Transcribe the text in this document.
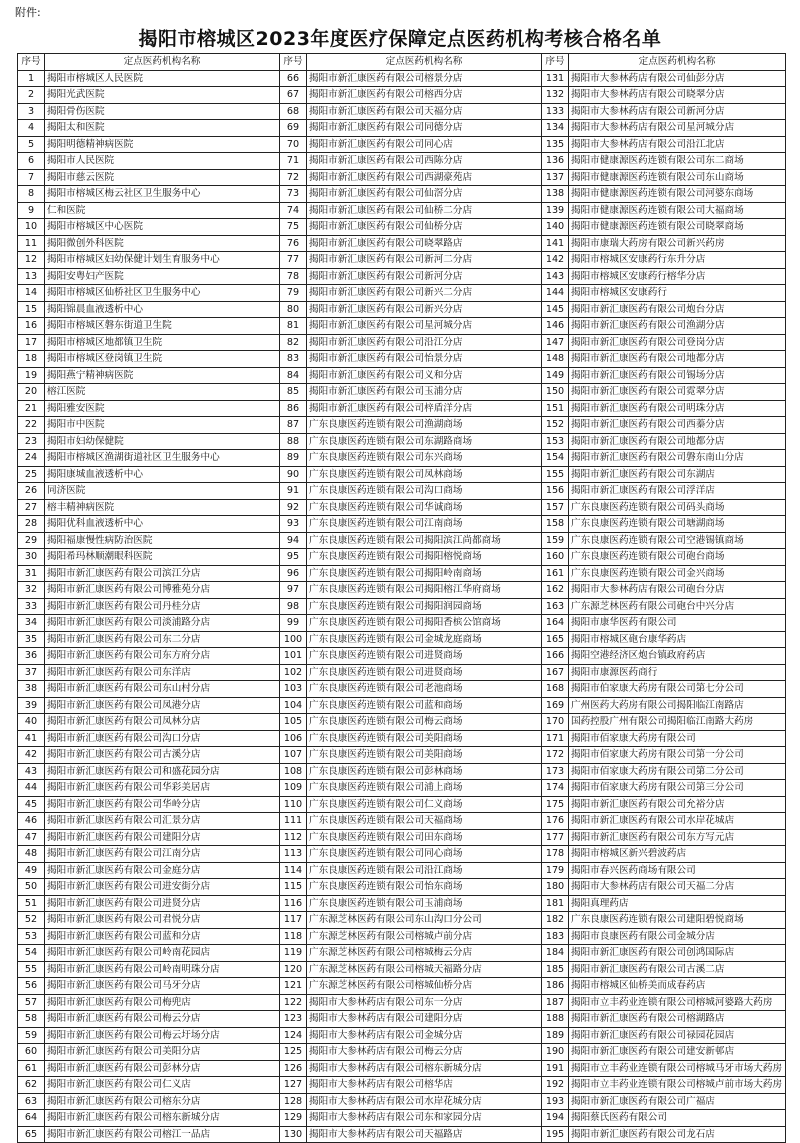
附件:
揭阳市榕城区2023年度医疗保障定点医药机构考核合格名单
序号	定点医药机构名称	序号	定点医药机构名称	序号	定点医药机构名称
1	揭阳市榕城区人民医院	66	揭阳市新汇康医药有限公司榕景分店	131	揭阳市大参林药店有限公司仙彭分店
2	揭阳光武医院	67	揭阳市新汇康医药有限公司榕西分店	132	揭阳市大参林药店有限公司晓翠分店
3	揭阳骨伤医院	68	揭阳市新汇康医药有限公司天福分店	133	揭阳市大参林药店有限公司新河分店
4	揭阳太和医院	69	揭阳市新汇康医药有限公司同德分店	134	揭阳市大参林药店有限公司星河城分店
5	揭阳明德精神病医院	70	揭阳市新汇康医药有限公司同心店	135	揭阳市大参林药店有限公司沿江北店
6	揭阳市人民医院	71	揭阳市新汇康医药有限公司西陈分店	136	揭阳市健康源医药连锁有限公司东二商场
7	揭阳市慈云医院	72	揭阳市新汇康医药有限公司西湖豪苑店	137	揭阳市健康源医药连锁有限公司东山商场
8	揭阳市榕城区梅云社区卫生服务中心	73	揭阳市新汇康医药有限公司仙滘分店	138	揭阳市健康源医药连锁有限公司河婆东商场
9	仁和医院	74	揭阳市新汇康医药有限公司仙桥二分店	139	揭阳市健康源医药连锁有限公司大福商场
10	揭阳市榕城区中心医院	75	揭阳市新汇康医药有限公司仙桥分店	140	揭阳市健康源医药连锁有限公司晓翠商场
11	揭阳微创外科医院	76	揭阳市新汇康医药有限公司晓翠路店	141	揭阳市康瑞大药房有限公司新兴药房
12	揭阳市榕城区妇幼保健计划生育服务中心	77	揭阳市新汇康医药有限公司新河二分店	142	揭阳市榕城区安康药行东升分店
13	揭阳安粤妇产医院	78	揭阳市新汇康医药有限公司新河分店	143	揭阳市榕城区安康药行榕华分店
14	揭阳市榕城区仙桥社区卫生服务中心	79	揭阳市新汇康医药有限公司新兴二分店	144	揭阳市榕城区安康药行
15	揭阳锦晨血液透析中心	80	揭阳市新汇康医药有限公司新兴分店	145	揭阳市新汇康医药有限公司炮台分店
16	揭阳市榕城区磐东街道卫生院	81	揭阳市新汇康医药有限公司星河城分店	146	揭阳市新汇康医药有限公司渔湖分店
17	揭阳市榕城区地都镇卫生院	82	揭阳市新汇康医药有限公司沿江分店	147	揭阳市新汇康医药有限公司登岗分店
18	揭阳市榕城区登岗镇卫生院	83	揭阳市新汇康医药有限公司怡景分店	148	揭阳市新汇康医药有限公司地都分店
19	揭阳燕宁精神病医院	84	揭阳市新汇康医药有限公司义和分店	149	揭阳市新汇康医药有限公司锡场分店
20	榕江医院	85	揭阳市新汇康医药有限公司玉浦分店	150	揭阳市新汇康医药有限公司霓翠分店
21	揭阳雅安医院	86	揭阳市新汇康医药有限公司梓盾洋分店	151	揭阳市新汇康医药有限公司明珠分店
22	揭阳市中医院	87	广东良康医药连锁有限公司渔湖商场	152	揭阳市新汇康医药有限公司西蓁分店
23	揭阳市妇幼保健院	88	广东良康医药连锁有限公司东湖路商场	153	揭阳市新汇康医药有限公司地都分店
24	揭阳市榕城区渔湖街道社区卫生服务中心	89	广东良康医药连锁有限公司东兴商场	154	揭阳市新汇康医药有限公司磐东南山分店
25	揭阳康城血液透析中心	90	广东良康医药连锁有限公司凤林商场	155	揭阳市新汇康医药有限公司东湖店
26	同济医院	91	广东良康医药连锁有限公司沟口商场	156	揭阳市新汇康医药有限公司浮洋店
27	榕丰精神病医院	92	广东良康医药连锁有限公司华诚商场	157	广东良康医药连锁有限公司码头商场
28	揭阳优科血液透析中心	93	广东良康医药连锁有限公司江南商场	158	广东良康医药连锁有限公司塘湖商场
29	揭阳福康慢性病防治医院	94	广东良康医药连锁有限公司揭阳滨江尚都商场	159	广东良康医药连锁有限公司空港锡镇商场
30	揭阳希玛林顺潮眼科医院	95	广东良康医药连锁有限公司揭阳榕悦商场	160	广东良康医药连锁有限公司砲台商场
31	揭阳市新汇康医药有限公司滨江分店	96	广东良康医药连锁有限公司揭阳岭南商场	161	广东良康医药连锁有限公司金兴商场
32	揭阳市新汇康医药有限公司博雅苑分店	97	广东良康医药连锁有限公司揭阳榕江华府商场	162	揭阳市大参林药店有限公司砲台分店
33	揭阳市新汇康医药有限公司丹桂分店	98	广东良康医药连锁有限公司揭阳润园商场	163	广东源芝林医药有限公司砲台中兴分店
34	揭阳市新汇康医药有限公司淡浦路分店	99	广东良康医药连锁有限公司揭阳香槟公馆商场	164	揭阳市康华医药有限公司
35	揭阳市新汇康医药有限公司东二分店	100	广东良康医药连锁有限公司金城龙庭商场	165	揭阳市榕城区砲台康华药店
36	揭阳市新汇康医药有限公司东方府分店	101	广东良康医药连锁有限公司进贤商场	166	揭阳空港经济区炮台镇政府药店
37	揭阳市新汇康医药有限公司东洋店	102	广东良康医药连锁有限公司进贤商场	167	揭阳市康源医药商行
38	揭阳市新汇康医药有限公司东山村分店	103	广东良康医药连锁有限公司老池商场	168	揭阳市伯家康大药房有限公司第七分公司
39	揭阳市新汇康医药有限公司凤港分店	104	广东良康医药连锁有限公司蓝和商场	169	广州医药大药房有限公司揭阳临江南路店
40	揭阳市新汇康医药有限公司凤林分店	105	广东良康医药连锁有限公司梅云商场	170	国药控股广州有限公司揭阳临江南路大药房
41	揭阳市新汇康医药有限公司沟口分店	106	广东良康医药连锁有限公司美阳商场	171	揭阳市佰家康大药房有限公司
42	揭阳市新汇康医药有限公司古溪分店	107	广东良康医药连锁有限公司美阳商场	172	揭阳市佰家康大药房有限公司第一分公司
43	揭阳市新汇康医药有限公司和盛花园分店	108	广东良康医药连锁有限公司彭林商场	173	揭阳市佰家康大药房有限公司第二分公司
44	揭阳市新汇康医药有限公司华彩美居店	109	广东良康医药连锁有限公司浦上商场	174	揭阳市佰家康大药房有限公司第三分公司
45	揭阳市新汇康医药有限公司华岭分店	110	广东良康医药连锁有限公司仁义商场	175	揭阳市新汇康医药有限公司允裕分店
46	揭阳市新汇康医药有限公司汇景分店	111	广东良康医药连锁有限公司天福商场	176	揭阳市新汇康医药有限公司水岸花城店
47	揭阳市新汇康医药有限公司建阳分店	112	广东良康医药连锁有限公司田东商场	177	揭阳市新汇康医药有限公司东方写元店
48	揭阳市新汇康医药有限公司江南分店	113	广东良康医药连锁有限公司同心商场	178	揭阳市榕城区新兴碧波药店
49	揭阳市新汇康医药有限公司金庭分店	114	广东良康医药连锁有限公司沿江商场	179	揭阳市春兴医药商场有限公司
50	揭阳市新汇康医药有限公司进安街分店	115	广东良康医药连锁有限公司怡东商场	180	揭阳市大参林药店有限公司天福二分店
51	揭阳市新汇康医药有限公司进贤分店	116	广东良康医药连锁有限公司玉浦商场	181	揭阳真理药店
52	揭阳市新汇康医药有限公司君悦分店	117	广东源芝林医药有限公司东山沟口分公司	182	广东良康医药连锁有限公司建阳碧悦商场
53	揭阳市新汇康医药有限公司蓝和分店	118	广东源芝林医药有限公司榕城卢前分店	183	揭阳市良康医药有限公司金城分店
54	揭阳市新汇康医药有限公司岭南花园店	119	广东源芝林医药有限公司榕城梅云分店	184	揭阳市新汇康医药有限公司创鸿国际店
55	揭阳市新汇康医药有限公司岭南明珠分店	120	广东源芝林医药有限公司榕城天福路分店	185	揭阳市新汇康医药有限公司古溪二店
56	揭阳市新汇康医药有限公司马牙分店	121	广东源芝林医药有限公司榕城仙桥分店	186	揭阳市榕城区仙桥美而成春药店
57	揭阳市新汇康医药有限公司梅兜店	122	揭阳市大参林药店有限公司东一分店	187	揭阳市立丰药业连锁有限公司榕城河婆路大药房
58	揭阳市新汇康医药有限公司梅云分店	123	揭阳市大参林药店有限公司建阳分店	188	揭阳市新汇康医药有限公司榕湖路店
59	揭阳市新汇康医药有限公司梅云圩场分店	124	揭阳市大参林药店有限公司金城分店	189	揭阳市新汇康医药有限公司禄园花园店
60	揭阳市新汇康医药有限公司美阳分店	125	揭阳市大参林药店有限公司梅云分店	190	揭阳市新汇康医药有限公司建安新邨店
61	揭阳市新汇康医药有限公司彭林分店	126	揭阳市大参林药店有限公司榕东新城分店	191	揭阳市立丰药业连锁有限公司榕城马牙市场大药房
62	揭阳市新汇康医药有限公司仁义店	127	揭阳市大参林药店有限公司榕华店	192	揭阳市立丰药业连锁有限公司榕城卢前市场大药房
63	揭阳市新汇康医药有限公司榕东分店	128	揭阳市大参林药店有限公司水岸花城分店	193	揭阳市新汇康医药有限公司广福店
64	揭阳市新汇康医药有限公司榕东新城分店	129	揭阳市大参林药店有限公司东和家园分店	194	揭阳蔡氏医药有限公司
65	揭阳市新汇康医药有限公司榕江一品店	130	揭阳市大参林药店有限公司天福路店	195	揭阳市新汇康医药有限公司龙石店
